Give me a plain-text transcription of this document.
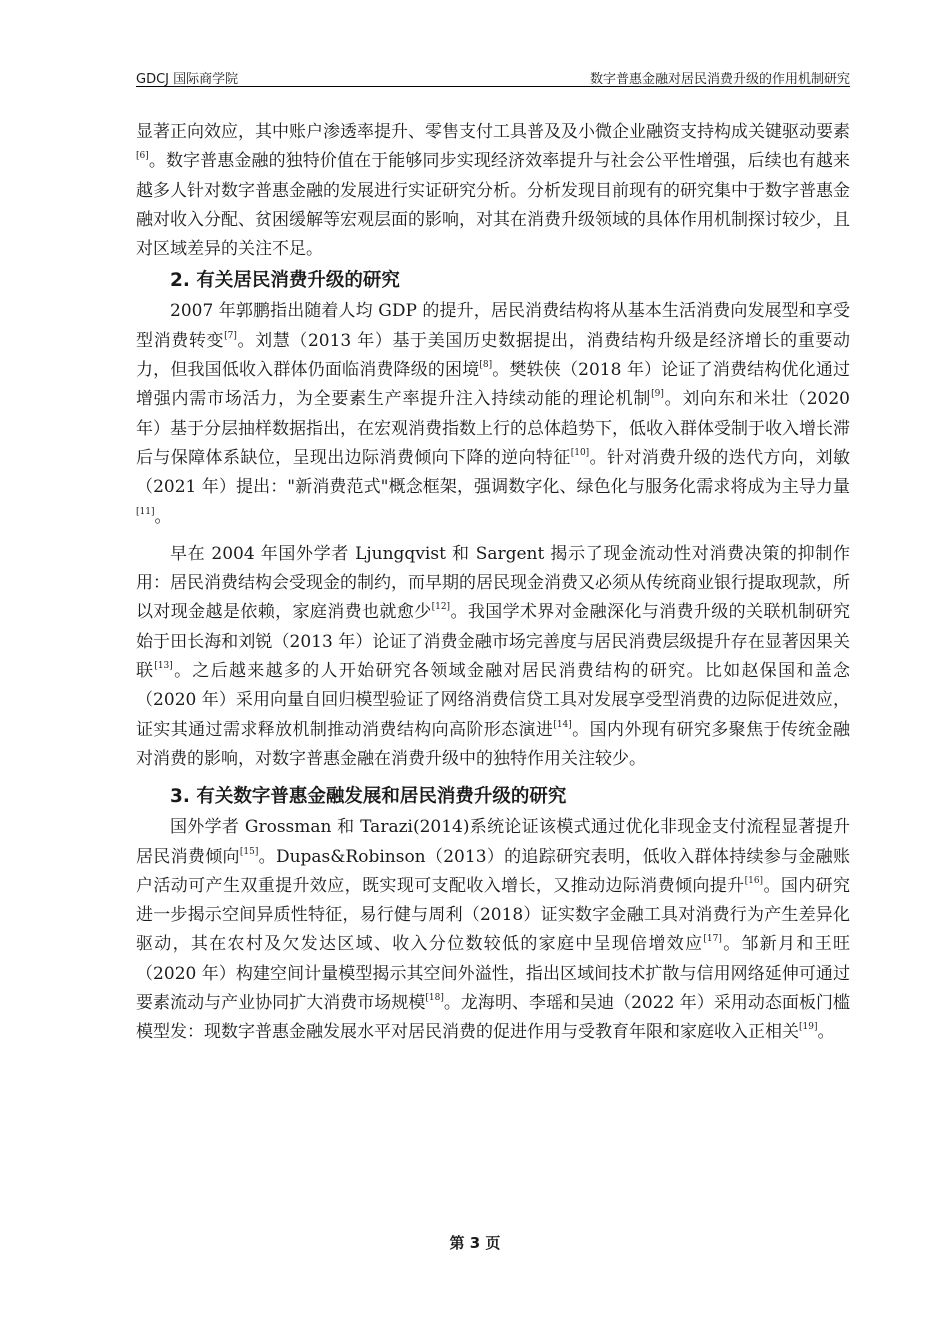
GDCJ 国际商学院	数字普惠金融对居民消费升级的作用机制研究

显著正向效应，其中账户渗透率提升、零售支付工具普及及小微企业融资支持构成关键驱动要素[6]。数字普惠金融的独特价值在于能够同步实现经济效率提升与社会公平性增强，后续也有越来越多人针对数字普惠金融的发展进行实证研究分析。分析发现目前现有的研究集中于数字普惠金融对收入分配、贫困缓解等宏观层面的影响，对其在消费升级领域的具体作用机制探讨较少，且对区域差异的关注不足。

2. 有关居民消费升级的研究

2007 年郭鹏指出随着人均 GDP 的提升，居民消费结构将从基本生活消费向发展型和享受型消费转变[7]。刘慧（2013 年）基于美国历史数据提出，消费结构升级是经济增长的重要动力，但我国低收入群体仍面临消费降级的困境[8]。樊轶侠（2018 年）论证了消费结构优化通过增强内需市场活力，为全要素生产率提升注入持续动能的理论机制[9]。刘向东和米壮（2020 年）基于分层抽样数据指出，在宏观消费指数上行的总体趋势下，低收入群体受制于收入增长滞后与保障体系缺位，呈现出边际消费倾向下降的逆向特征[10]。针对消费升级的迭代方向，刘敏（2021 年）提出："新消费范式"概念框架，强调数字化、绿色化与服务化需求将成为主导力量[11]。

早在 2004 年国外学者 Ljungqvist 和 Sargent 揭示了现金流动性对消费决策的抑制作用：居民消费结构会受现金的制约，而早期的居民现金消费又必须从传统商业银行提取现款，所以对现金越是依赖，家庭消费也就愈少[12]。我国学术界对金融深化与消费升级的关联机制研究始于田长海和刘锐（2013 年）论证了消费金融市场完善度与居民消费层级提升存在显著因果关联[13]。之后越来越多的人开始研究各领域金融对居民消费结构的研究。比如赵保国和盖念（2020 年）采用向量自回归模型验证了网络消费信贷工具对发展享受型消费的边际促进效应，证实其通过需求释放机制推动消费结构向高阶形态演进[14]。国内外现有研究多聚焦于传统金融对消费的影响，对数字普惠金融在消费升级中的独特作用关注较少。

3. 有关数字普惠金融发展和居民消费升级的研究

国外学者 Grossman 和 Tarazi(2014)系统论证该模式通过优化非现金支付流程显著提升居民消费倾向[15]。Dupas&Robinson（2013）的追踪研究表明，低收入群体持续参与金融账户活动可产生双重提升效应，既实现可支配收入增长，又推动边际消费倾向提升[16]。国内研究进一步揭示空间异质性特征，易行健与周利（2018）证实数字金融工具对消费行为产生差异化驱动，其在农村及欠发达区域、收入分位数较低的家庭中呈现倍增效应[17]。邹新月和王旺（2020 年）构建空间计量模型揭示其空间外溢性，指出区域间技术扩散与信用网络延伸可通过要素流动与产业协同扩大消费市场规模[18]。龙海明、李瑶和吴迪（2022 年）采用动态面板门槛模型发：现数字普惠金融发展水平对居民消费的促进作用与受教育年限和家庭收入正相关[19]。

第 3 页
